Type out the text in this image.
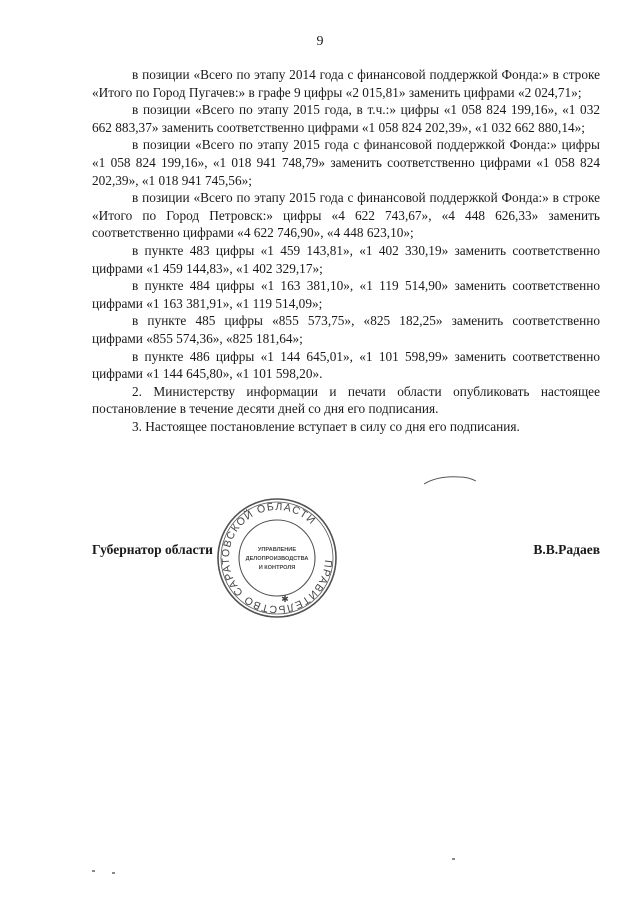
9

в позиции «Всего по этапу 2014 года с финансовой поддержкой Фонда:» в строке «Итого по Город Пугачев:» в графе 9 цифры «2 015,81» заменить цифрами «2 024,71»;

в позиции «Всего по этапу 2015 года, в т.ч.:» цифры «1 058 824 199,16», «1 032 662 883,37» заменить соответственно цифрами «1 058 824 202,39», «1 032 662 880,14»;

в позиции «Всего по этапу 2015 года с финансовой поддержкой Фонда:» цифры «1 058 824 199,16», «1 018 941 748,79» заменить соответственно цифрами «1 058 824 202,39», «1 018 941 745,56»;

в позиции «Всего по этапу 2015 года с финансовой поддержкой Фонда:» в строке «Итого по Город Петровск:» цифры «4 622 743,67», «4 448 626,33» заменить соответственно цифрами «4 622 746,90», «4 448 623,10»;

в пункте 483 цифры «1 459 143,81», «1 402 330,19» заменить соответственно цифрами «1 459 144,83», «1 402 329,17»;

в пункте 484 цифры «1 163 381,10», «1 119 514,90» заменить соответственно цифрами «1 163 381,91», «1 119 514,09»;

в пункте 485 цифры «855 573,75», «825 182,25» заменить соответственно цифрами «855 574,36», «825 181,64»;

в пункте 486 цифры «1 144 645,01», «1 101 598,99» заменить соответственно цифрами «1 144 645,80», «1 101 598,20».

2. Министерству информации и печати области опубликовать настоящее постановление в течение десяти дней со дня его подписания.

3. Настоящее постановление вступает в силу со дня его подписания.

Губернатор области	В.В.Радаев
ПРАВИТЕЛЬСТВО САРАТОВСКОЙ ОБЛАСТИ
УПРАВЛЕНИЕ
ДЕЛОПРОИЗВОДСТВА
И КОНТРОЛЯ
✱
